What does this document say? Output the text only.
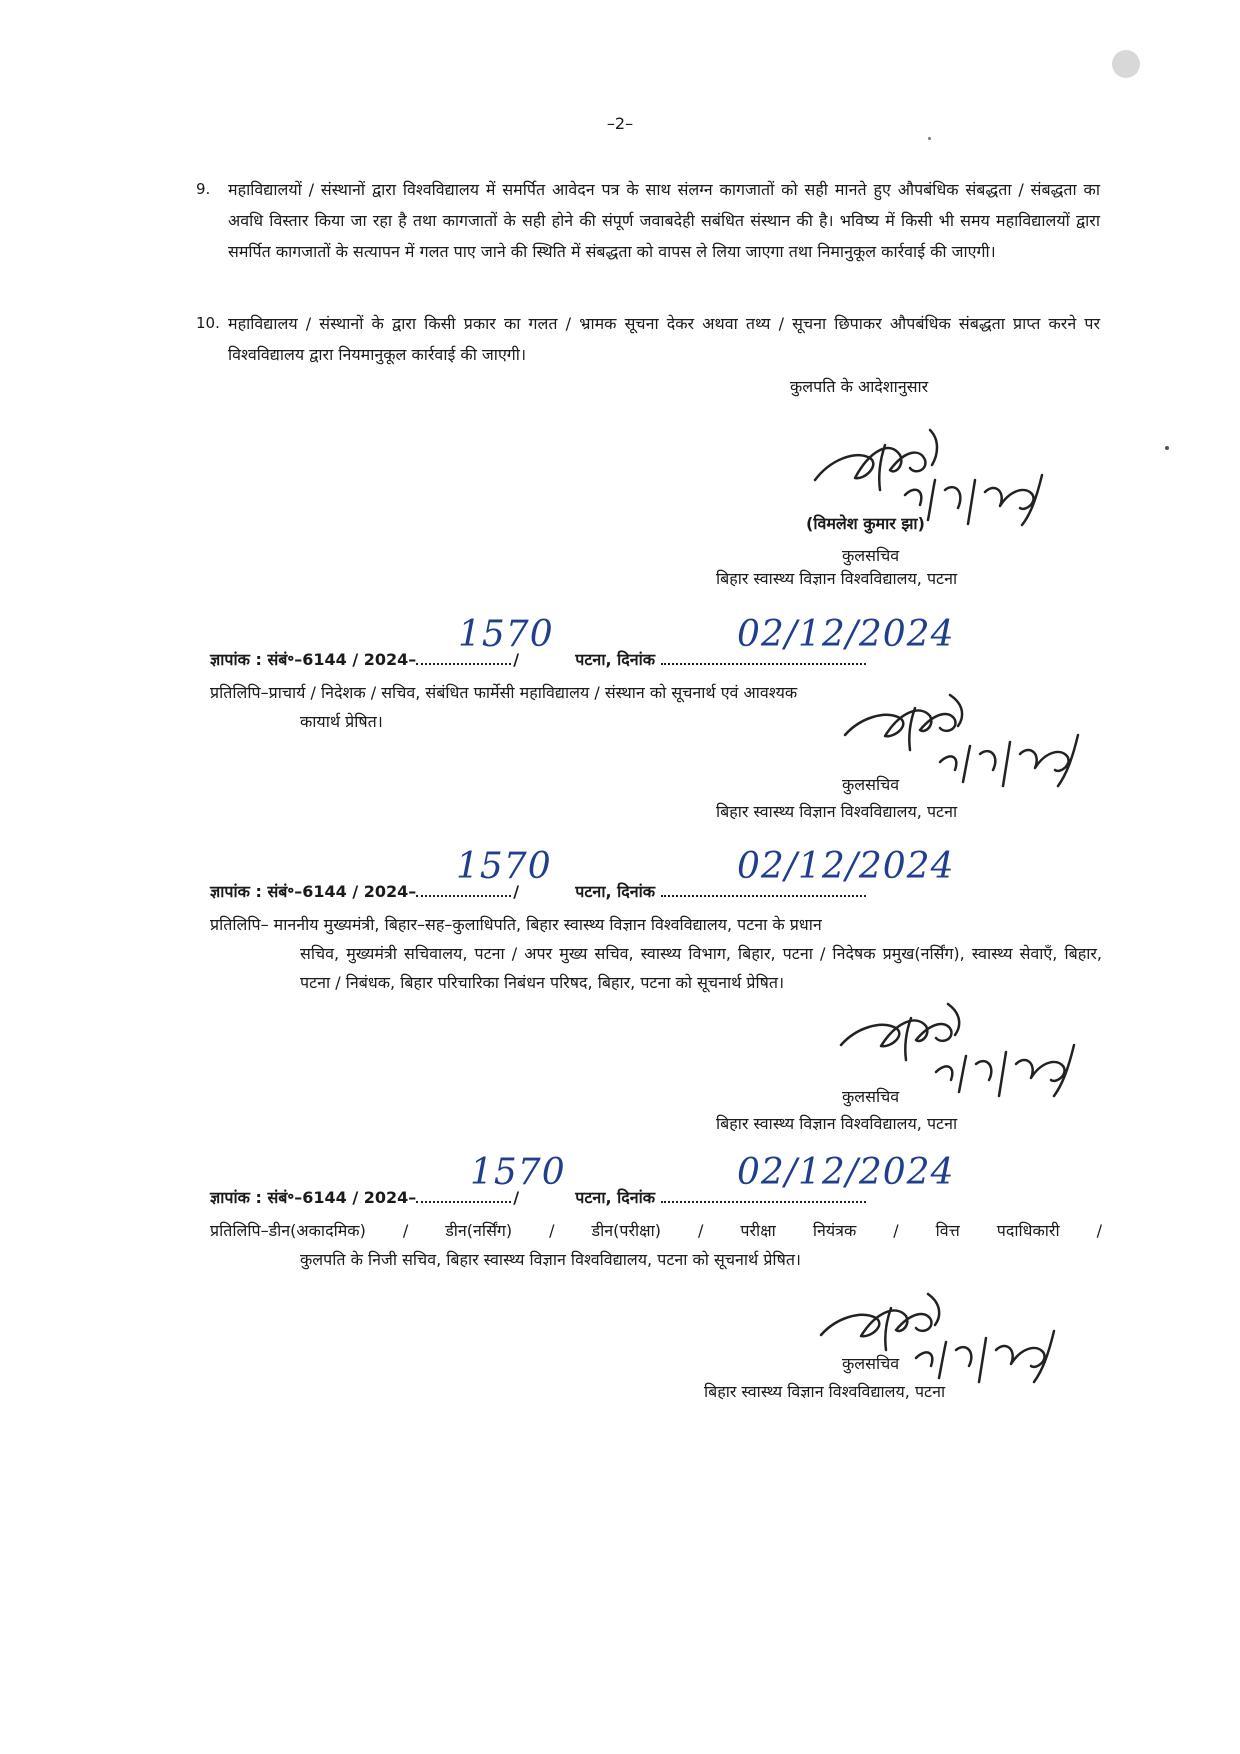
–2–
9. महाविद्यालयों / संस्थानों द्वारा विश्वविद्यालय में समर्पित आवेदन पत्र के साथ संलग्न कागजातों को सही मानते हुए औपबंधिक संबद्धता / संबद्धता का अवधि विस्तार किया जा रहा है तथा कागजातों के सही होने की संपूर्ण जवाबदेही सबंधित संस्थान की है। भविष्य में किसी भी समय महाविद्यालयों द्वारा समर्पित कागजातों के सत्यापन में गलत पाए जाने की स्थिति में संबद्धता को वापस ले लिया जाएगा तथा निमानुकूल कार्रवाई की जाएगी।

10. महाविद्यालय / संस्थानों के द्वारा किसी प्रकार का गलत / भ्रामक सूचना देकर अथवा तथ्य / सूचना छिपाकर औपबंधिक संबद्धता प्राप्त करने पर विश्वविद्यालय द्वारा नियमानुकूल कार्रवाई की जाएगी।

कुलपति के आदेशानुसार
(विमलेश कुमार झा)
कुलसचिव
बिहार स्वास्थ्य विज्ञान विश्वविद्यालय, पटना
ज्ञापांक : संबं॰–6144 / 2024–	/	पटना, दिनांक
1570	02/12/2024
प्रतिलिपि–प्राचार्य / निदेशक / सचिव, संबंधित फार्मेसी महाविद्यालय / संस्थान को सूचनार्थ एवं आवश्यक
कायार्थ प्रेषित।
कुलसचिव
बिहार स्वास्थ्य विज्ञान विश्वविद्यालय, पटना
ज्ञापांक : संबं॰–6144 / 2024–	/	पटना, दिनांक
1570	02/12/2024
प्रतिलिपि– माननीय मुख्यमंत्री, बिहार–सह–कुलाधिपति, बिहार स्वास्थ्य विज्ञान विश्वविद्यालय, पटना के प्रधान
सचिव, मुख्यमंत्री सचिवालय, पटना / अपर मुख्य सचिव, स्वास्थ्य विभाग, बिहार, पटना / निदेषक प्रमुख(नर्सिंग), स्वास्थ्य सेवाएँ, बिहार, पटना / निबंधक, बिहार परिचारिका निबंधन परिषद, बिहार, पटना को सूचनार्थ प्रेषित।
कुलसचिव
बिहार स्वास्थ्य विज्ञान विश्वविद्यालय, पटना
ज्ञापांक : संबं॰–6144 / 2024–	/	पटना, दिनांक
1570	02/12/2024
प्रतिलिपि–डीन(अकादमिक) / डीन(नर्सिंग) / डीन(परीक्षा) / परीक्षा नियंत्रक / वित्त पदाधिकारी /
कुलपति के निजी सचिव, बिहार स्वास्थ्य विज्ञान विश्वविद्यालय, पटना को सूचनार्थ प्रेषित।
कुलसचिव
बिहार स्वास्थ्य विज्ञान विश्वविद्यालय, पटना
